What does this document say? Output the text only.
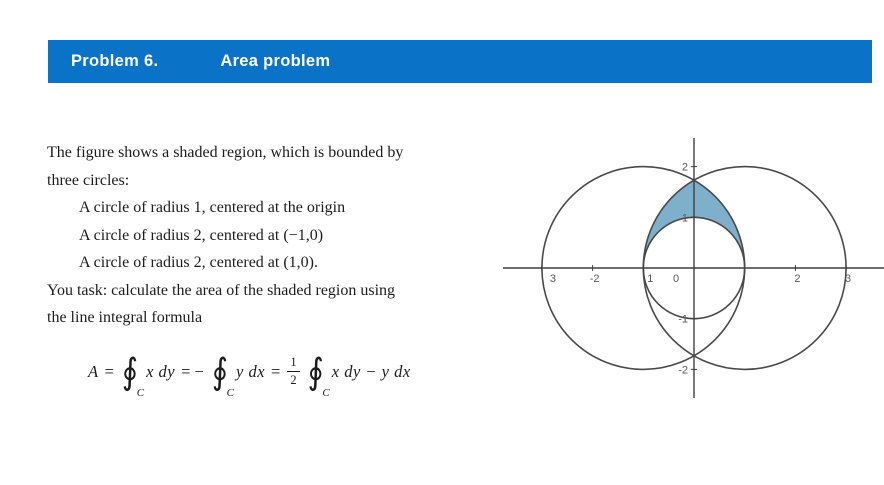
Problem 6.	Area problem
The figure shows a shaded region, which is bounded by
three circles:
A circle of radius 1, centered at the origin
A circle of radius 2, centered at (−1,0)
A circle of radius 2, centered at (1,0).
You task: calculate the area of the shaded region using
the line integral formula
A = ∮
C
x dy = − ∮
C
y dx = $\frac{1}{2}$ ∮
C
x dy − y dx
3	-2	1 0	2	3
2
1
-1
-2
